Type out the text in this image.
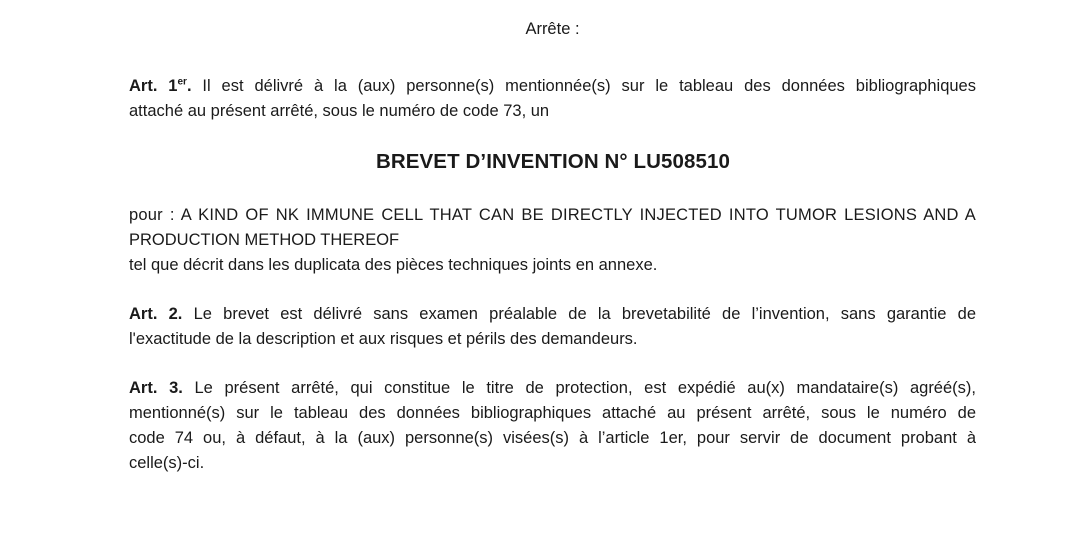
Arrête :
Art. 1er. Il est délivré à la (aux) personne(s) mentionnée(s) sur le tableau des données bibliographiques
attaché au présent arrêté, sous le numéro de code 73, un
BREVET D’INVENTION N° LU508510
pour : A KIND OF NK IMMUNE CELL THAT CAN BE DIRECTLY INJECTED INTO TUMOR LESIONS AND A
PRODUCTION METHOD THEREOF
tel que décrit dans les duplicata des pièces techniques joints en annexe.
Art. 2. Le brevet est délivré sans examen préalable de la brevetabilité de l’invention, sans garantie de
l'exactitude de la description et aux risques et périls des demandeurs.
Art. 3. Le présent arrêté, qui constitue le titre de protection, est expédié au(x) mandataire(s) agréé(s),
mentionné(s) sur le tableau des données bibliographiques attaché au présent arrêté, sous le numéro de
code 74 ou, à défaut, à la (aux) personne(s) visées(s) à l’article 1er, pour servir de document probant à
celle(s)-ci.
